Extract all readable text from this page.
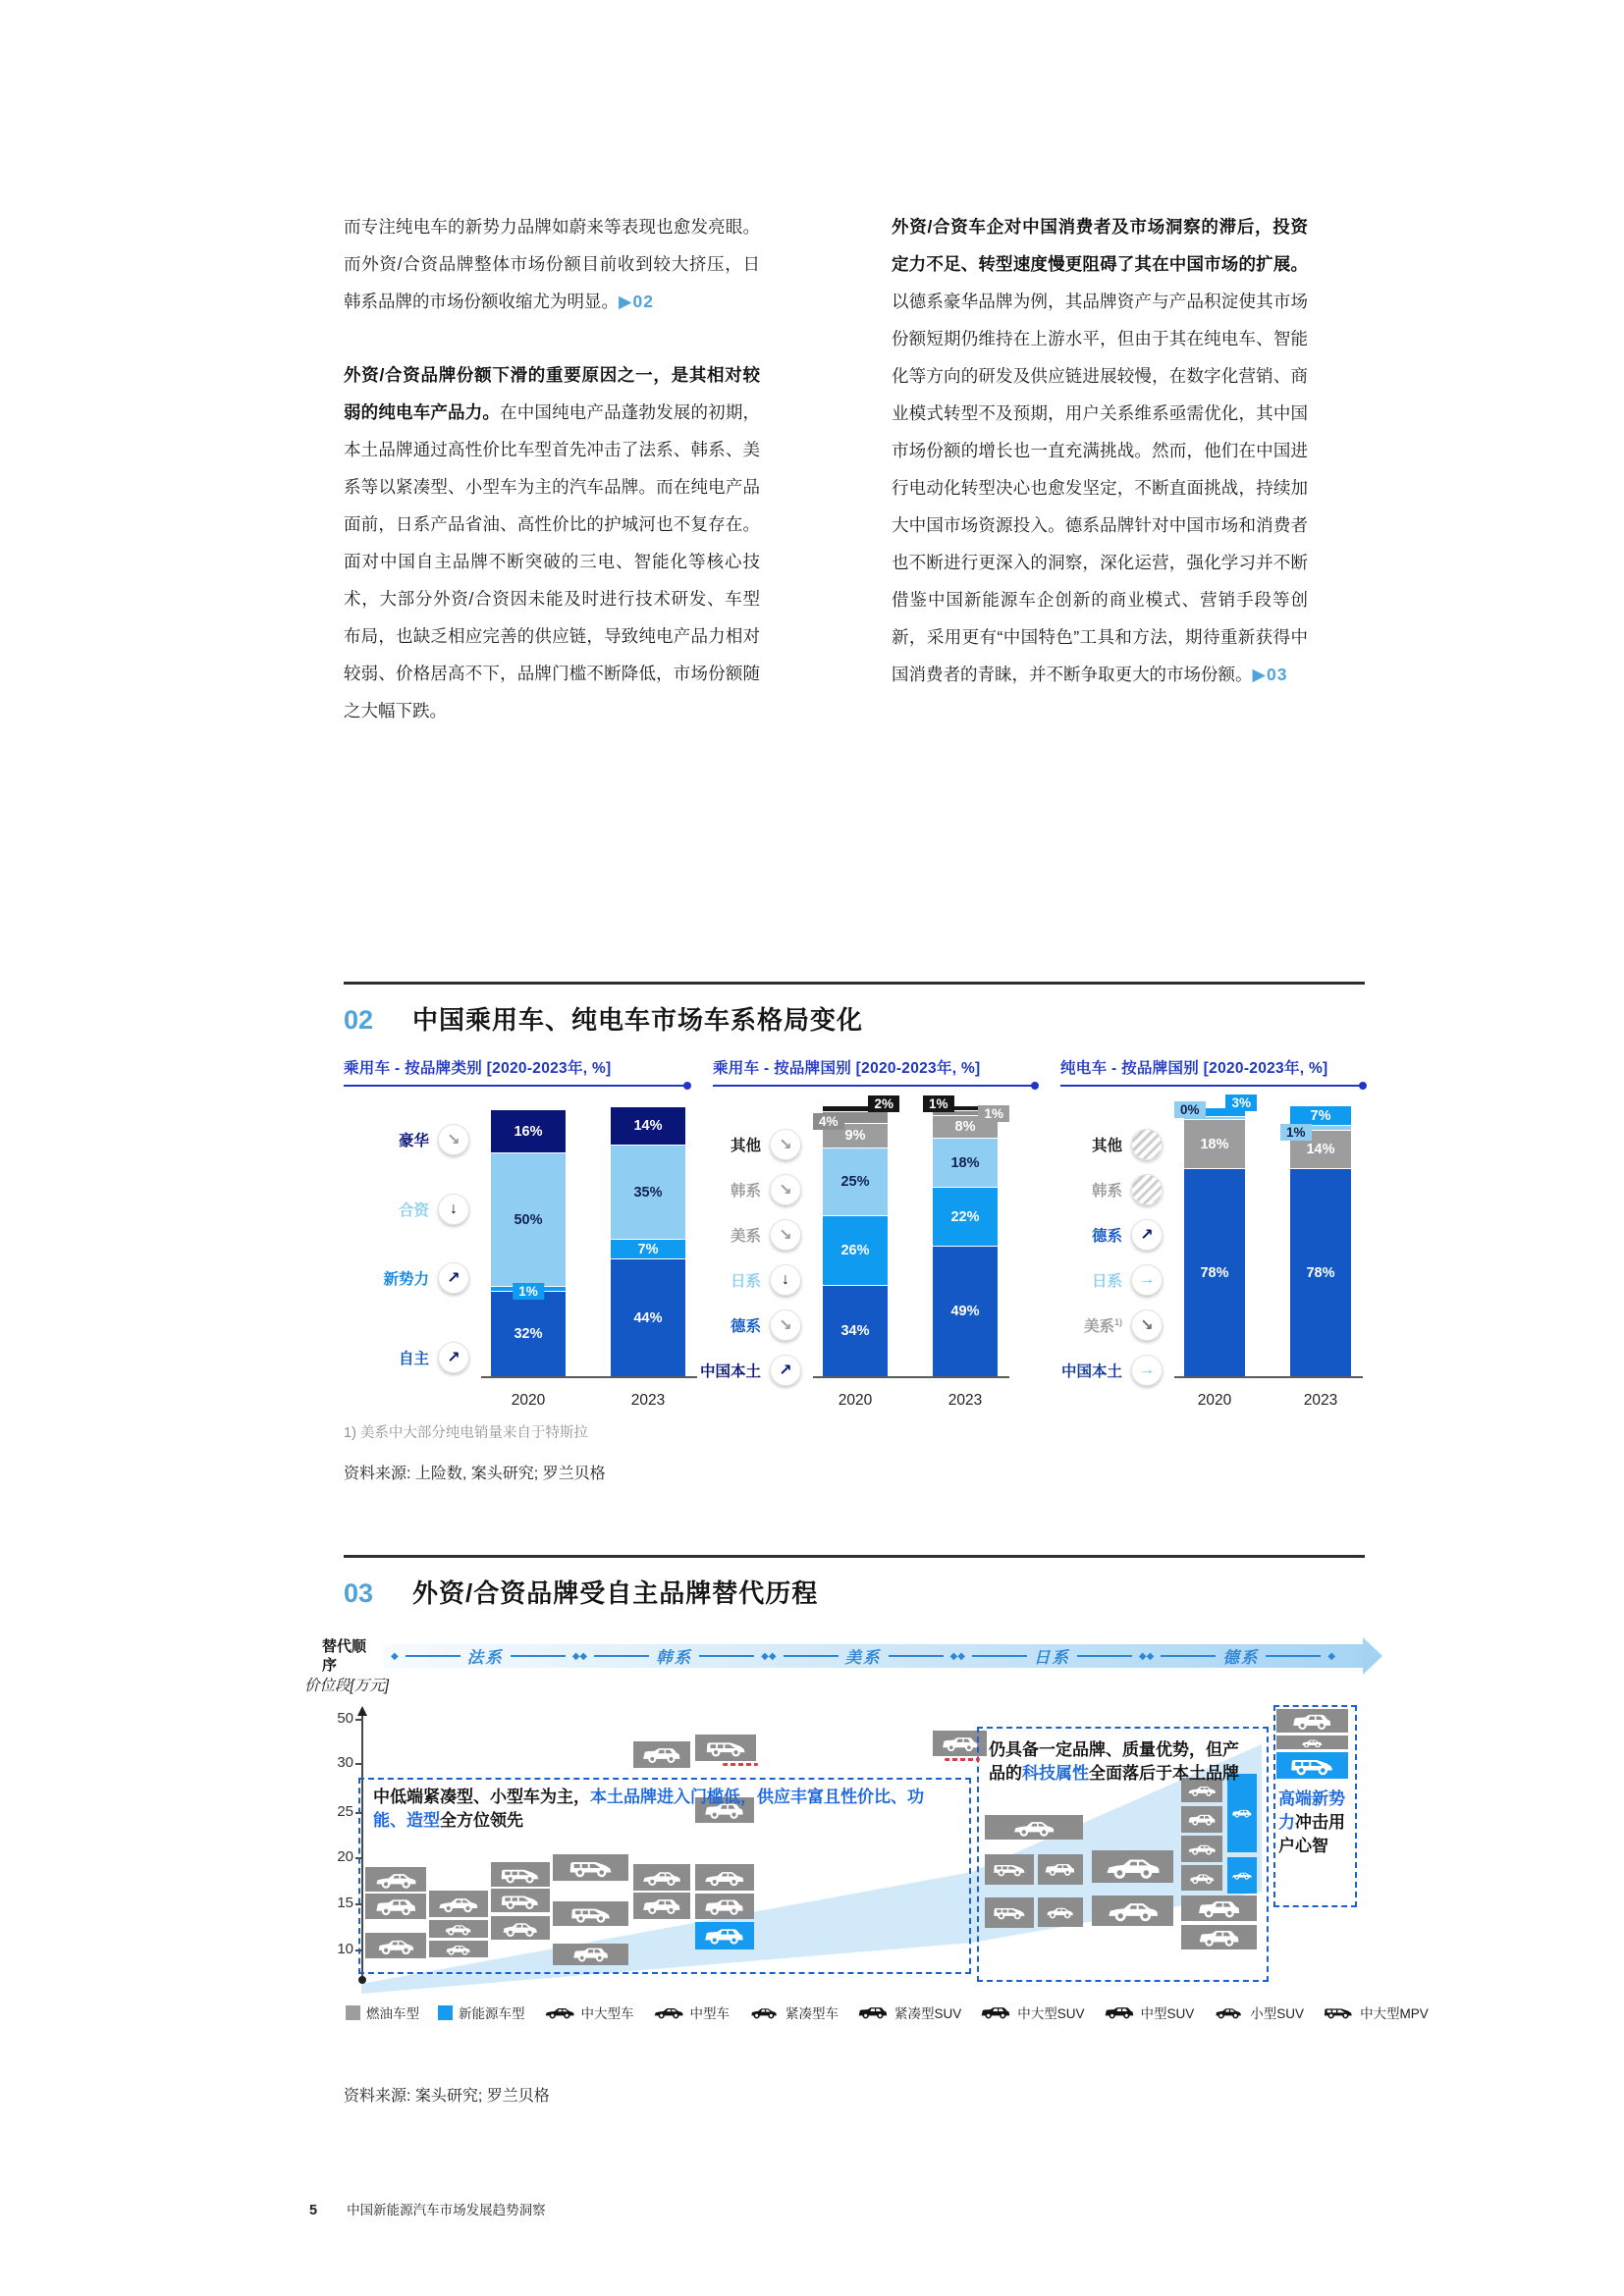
而专注纯电车的新势力品牌如蔚来等表现也愈发亮眼。而外资/合资品牌整体市场份额目前收到较大挤压，日韩系品牌的市场份额收缩尤为明显。▶02

外资/合资品牌份额下滑的重要原因之一，是其相对较弱的纯电车产品力。在中国纯电产品蓬勃发展的初期，本土品牌通过高性价比车型首先冲击了法系、韩系、美系等以紧凑型、小型车为主的汽车品牌。而在纯电产品面前，日系产品省油、高性价比的护城河也不复存在。面对中国自主品牌不断突破的三电、智能化等核心技术，大部分外资/合资因未能及时进行技术研发、车型布局，也缺乏相应完善的供应链，导致纯电产品力相对较弱、价格居高不下，品牌门槛不断降低，市场份额随之大幅下跌。

外资/合资车企对中国消费者及市场洞察的滞后，投资定力不足、转型速度慢更阻碍了其在中国市场的扩展。以德系豪华品牌为例，其品牌资产与产品积淀使其市场份额短期仍维持在上游水平，但由于其在纯电车、智能化等方向的研发及供应链进展较慢，在数字化营销、商业模式转型不及预期，用户关系维系亟需优化，其中国市场份额的增长也一直充满挑战。然而，他们在中国进行电动化转型决心也愈发坚定，不断直面挑战，持续加大中国市场资源投入。德系品牌针对中国市场和消费者也不断进行更深入的洞察，深化运营，强化学习并不断借鉴中国新能源车企创新的商业模式、营销手段等创新，采用更有“中国特色”工具和方法，期待重新获得中国消费者的青睐，并不断争取更大的市场份额。▶03

02 中国乘用车、纯电车市场车系格局变化
乘用车 - 按品牌类别 [2020-2023年, %]
豪华	↘
合资	↓
新势力	↗
自主	↗
16%
50%
32%
1%
2020
14%
35%
7%
44%
2023
乘用车 - 按品牌国别 [2020-2023年, %]
其他	↘
韩系	↘
美系	↘
日系	↓
德系	↘
中国本土	↗
9%
25%
26%
34%
4%
2%
2020
8%
18%
22%
49%
1%
1%
2023
纯电车 - 按品牌国别 [2020-2023年, %]
其他
韩系
德系	↗
日系	→
美系$^{1)}$	↘
中国本土	→
18%
78%
0%	3%
2020
7%
14%
78%
1%
2023
1) 美系中大部分纯电销量来自于特斯拉
资料来源: 上险数, 案头研究; 罗兰贝格
03 外资/合资品牌受自主品牌替代历程
替代顺序
◆	法系	◆ ◆	韩系	◆ ◆	美系	◆ ◆	日系	◆ ◆	德系	◆
价位段[万元]
50
30
25
20
15
10
中低端紧凑型、小型车为主，本土品牌进入门槛低，供应丰富且性价比、功能、造型全方位领先
仍具备一定品牌、质量优势，但产品的科技属性全面落后于本土品牌
高端新势力冲击用户心智
燃油车型	新能源车型	中大型车	中型车	紧凑型车	紧凑型SUV	中大型SUV	中型SUV	小型SUV	中大型MPV
资料来源: 案头研究; 罗兰贝格
5 中国新能源汽车市场发展趋势洞察
